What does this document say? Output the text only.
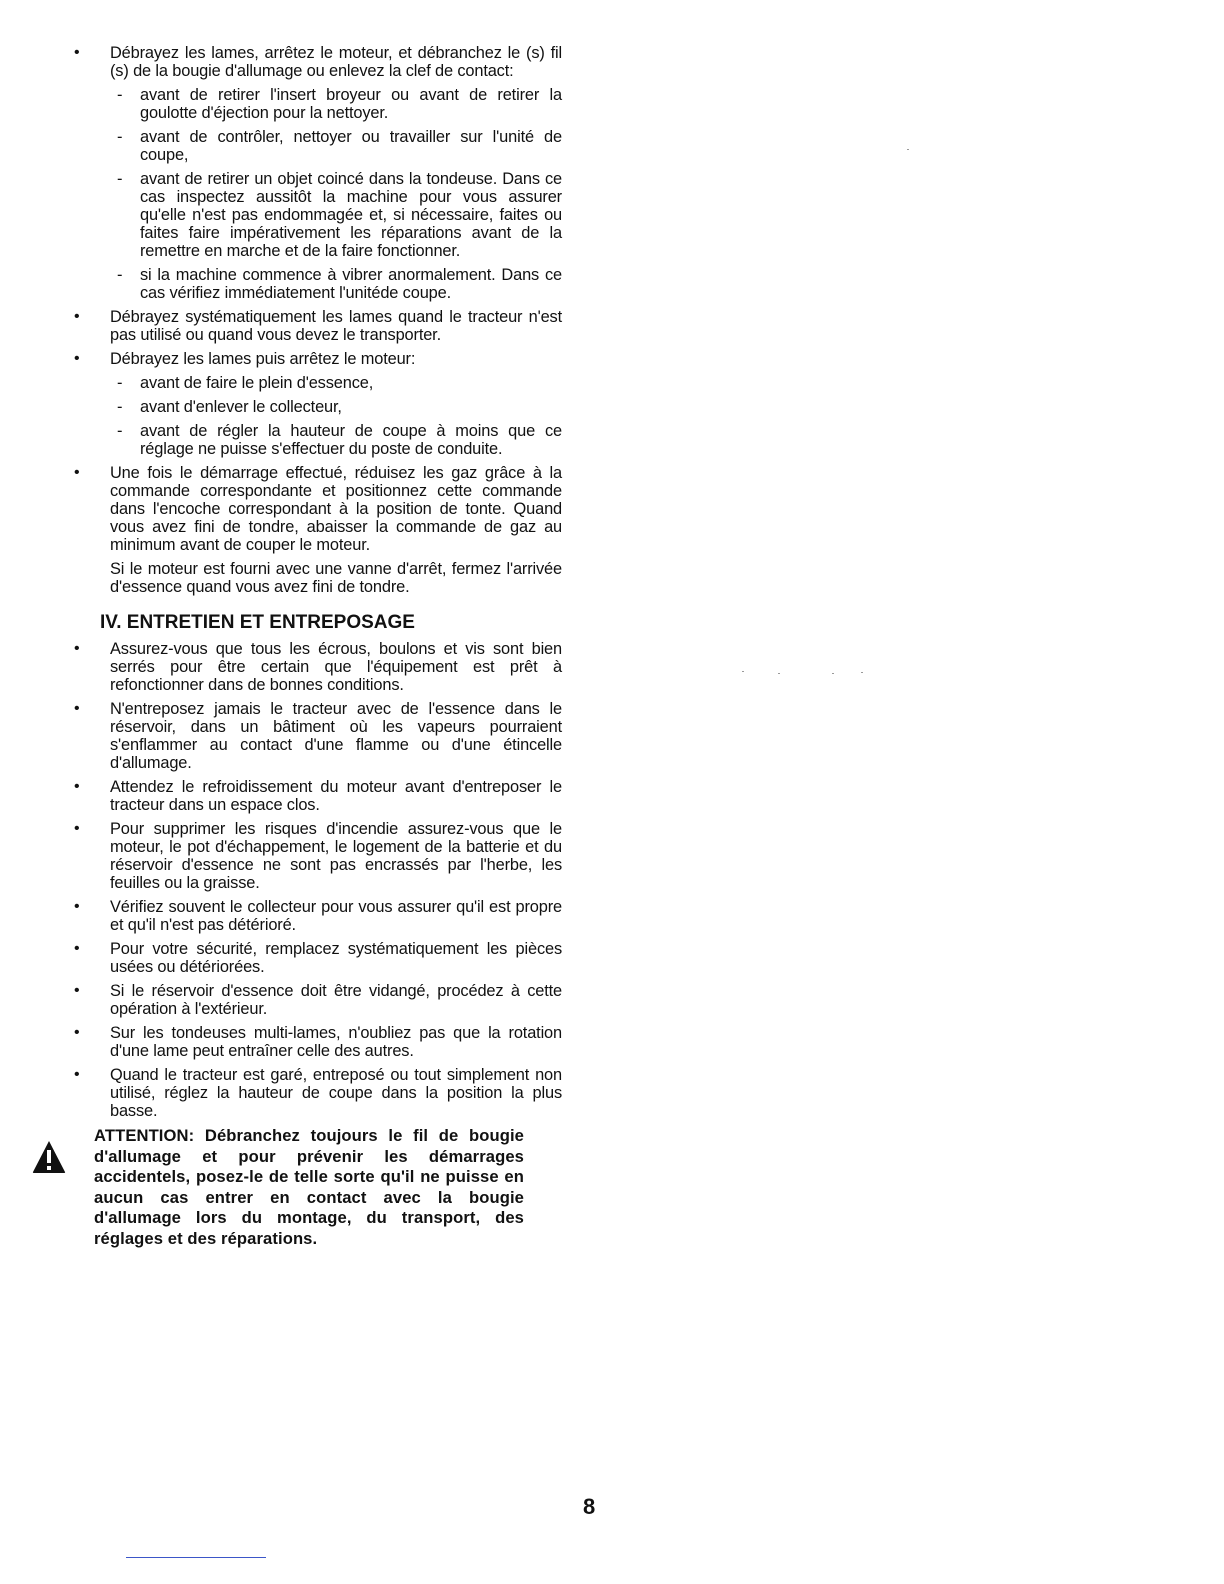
• Débrayez les lames, arrêtez le moteur, et débranchez le (s) fil (s) de la bougie d'allumage ou enlevez la clef de contact:
- avant de retirer l'insert broyeur ou avant de retirer la goulotte d'éjection pour la nettoyer.
- avant de contrôler, nettoyer ou travailler sur l'unité de coupe,
- avant de retirer un objet coincé dans la tondeuse. Dans ce cas inspectez aussitôt la machine pour vous assurer qu'elle n'est pas endommagée et, si nécessaire, faites ou faites faire impérativement les réparations avant de la remettre en marche et de la faire fonctionner.
- si la machine commence à vibrer anormalement. Dans ce cas vérifiez immédiatement l'unitéde coupe.
• Débrayez systématiquement les lames quand le tracteur n'est pas utilisé ou quand vous devez le transporter.
• Débrayez les lames puis arrêtez le moteur:
- avant de faire le plein d'essence,
- avant d'enlever le collecteur,
- avant de régler la hauteur de coupe à moins que ce réglage ne puisse s'effectuer du poste de conduite.
• Une fois le démarrage effectué, réduisez les gaz grâce à la commande correspondante et positionnez cette commande dans l'encoche correspondant à la position de tonte. Quand vous avez fini de tondre, abaisser la commande de gaz au minimum avant de couper le moteur.
Si le moteur est fourni avec une vanne d'arrêt, fermez l'arrivée d'essence quand vous avez fini de tondre.
IV. ENTRETIEN ET ENTREPOSAGE
• Assurez-vous que tous les écrous, boulons et vis sont bien serrés pour être certain que l'équipement est prêt à refonctionner dans de bonnes conditions.
• N'entreposez jamais le tracteur avec de l'essence dans le réservoir, dans un bâtiment où les vapeurs pourraient s'enflammer au contact d'une flamme ou d'une étincelle d'allumage.
• Attendez le refroidissement du moteur avant d'entreposer le tracteur dans un espace clos.
• Pour supprimer les risques d'incendie assurez-vous que le moteur, le pot d'échappement, le logement de la batterie et du réservoir d'essence ne sont pas encrassés par l'herbe, les feuilles ou la graisse.
• Vérifiez souvent le collecteur pour vous assurer qu'il est propre et qu'il n'est pas détérioré.
• Pour votre sécurité, remplacez systématiquement les pièces usées ou détériorées.
• Si le réservoir d'essence doit être vidangé, procédez à cette opération à l'extérieur.
• Sur les tondeuses multi-lames, n'oubliez pas que la rotation d'une lame peut entraîner celle des autres.
• Quand le tracteur est garé, entreposé ou tout simplement non utilisé, réglez la hauteur de coupe dans la position la plus basse.
ATTENTION: Débranchez toujours le fil de bougie d'allumage et pour prévenir les démarrages accidentels, posez-le de telle sorte qu'il ne puisse en aucun cas entrer en contact avec la bougie d'allumage lors du montage, du transport, des réglages et des réparations.
8
